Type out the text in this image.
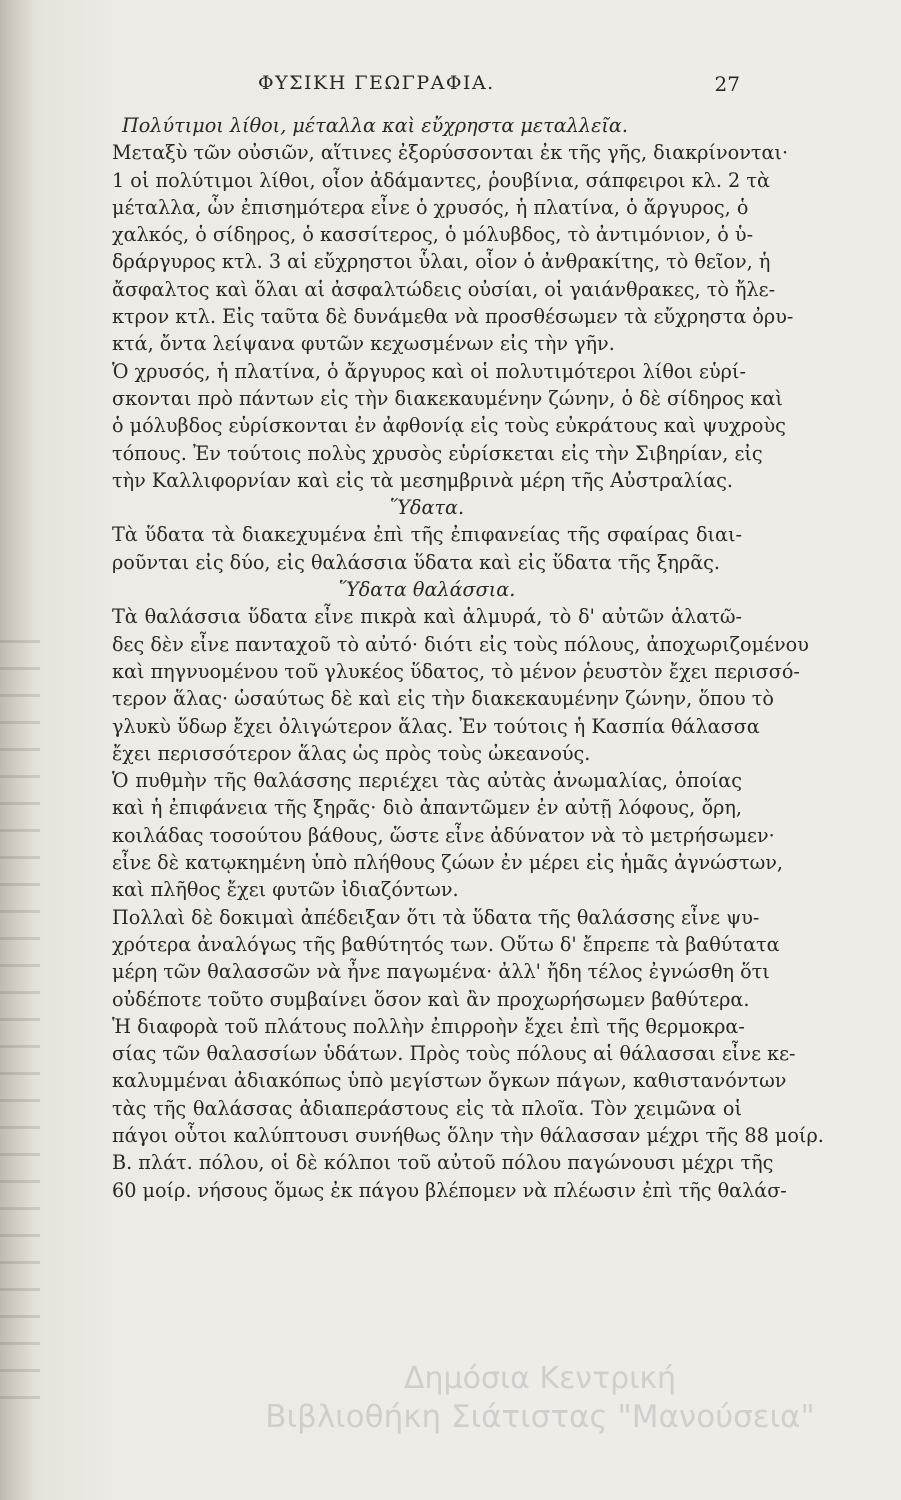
ΦΥΣΙΚΗ ΓΕΩΓΡΑΦΙΑ.	27
Πολύτιμοι λίθοι, μέταλλα καὶ εὔχρηστα μεταλλεῖα.
Μεταξὺ τῶν οὐσιῶν, αἵτινες ἐξορύσσονται ἐκ τῆς γῆς, διακρίνονται·
1 οἱ πολύτιμοι λίθοι, οἷον ἀδάμαντες, ῥουβίνια, σάπφειροι κλ. 2 τὰ
μέταλλα, ὧν ἐπισημότερα εἶνε ὁ χρυσός, ἡ πλατίνα, ὁ ἄργυρος, ὁ
χαλκός, ὁ σίδηρος, ὁ κασσίτερος, ὁ μόλυβδος, τὸ ἀντιμόνιον, ὁ ὑ-
δράργυρος κτλ. 3 αἱ εὔχρηστοι ὗλαι, οἷον ὁ ἀνθρακίτης, τὸ θεῖον, ἡ
ἄσφαλτος καὶ ὅλαι αἱ ἀσφαλτώδεις οὐσίαι, οἱ γαιάνθρακες, τὸ ἤλε-
κτρον κτλ. Εἰς ταῦτα δὲ δυνάμεθα νὰ προσθέσωμεν τὰ εὔχρηστα ὀρυ-
κτά, ὄντα λείψανα φυτῶν κεχωσμένων εἰς τὴν γῆν.
Ὁ χρυσός, ἡ πλατίνα, ὁ ἄργυρος καὶ οἱ πολυτιμότεροι λίθοι εὑρί-
σκονται πρὸ πάντων εἰς τὴν διακεκαυμένην ζώνην, ὁ δὲ σίδηρος καὶ
ὁ μόλυβδος εὑρίσκονται ἐν ἀφθονίᾳ εἰς τοὺς εὐκράτους καὶ ψυχροὺς
τόπους. Ἐν τούτοις πολὺς χρυσὸς εὑρίσκεται εἰς τὴν Σιβηρίαν, εἰς
τὴν Καλλιφορνίαν καὶ εἰς τὰ μεσημβρινὰ μέρη τῆς Αὐστραλίας.
Ὕδατα.
Τὰ ὕδατα τὰ διακεχυμένα ἐπὶ τῆς ἐπιφανείας τῆς σφαίρας διαι-
ροῦνται εἰς δύο, εἰς θαλάσσια ὕδατα καὶ εἰς ὕδατα τῆς ξηρᾶς.
Ὕδατα θαλάσσια.
Τὰ θαλάσσια ὕδατα εἶνε πικρὰ καὶ ἁλμυρά, τὸ δ' αὐτῶν ἁλατῶ-
δες δὲν εἶνε πανταχοῦ τὸ αὐτό· διότι εἰς τοὺς πόλους, ἀποχωριζομένου
καὶ πηγνυομένου τοῦ γλυκέος ὕδατος, τὸ μένον ῥευστὸν ἔχει περισσό-
τερον ἅλας· ὡσαύτως δὲ καὶ εἰς τὴν διακεκαυμένην ζώνην, ὅπου τὸ
γλυκὺ ὕδωρ ἔχει ὀλιγώτερον ἅλας. Ἐν τούτοις ἡ Κασπία θάλασσα
ἔχει περισσότερον ἅλας ὡς πρὸς τοὺς ὠκεανούς.
Ὁ πυθμὴν τῆς θαλάσσης περιέχει τὰς αὐτὰς ἀνωμαλίας, ὁποίας
καὶ ἡ ἐπιφάνεια τῆς ξηρᾶς· διὸ ἀπαντῶμεν ἐν αὐτῇ λόφους, ὄρη,
κοιλάδας τοσούτου βάθους, ὥστε εἶνε ἀδύνατον νὰ τὸ μετρήσωμεν·
εἶνε δὲ κατῳκημένη ὑπὸ πλήθους ζώων ἐν μέρει εἰς ἡμᾶς ἀγνώστων,
καὶ πλῆθος ἔχει φυτῶν ἰδιαζόντων.
Πολλαὶ δὲ δοκιμαὶ ἀπέδειξαν ὅτι τὰ ὕδατα τῆς θαλάσσης εἶνε ψυ-
χρότερα ἀναλόγως τῆς βαθύτητός των. Οὕτω δ' ἔπρεπε τὰ βαθύτατα
μέρη τῶν θαλασσῶν νὰ ἦνε παγωμένα· ἀλλ' ἤδη τέλος ἐγνώσθη ὅτι
οὐδέποτε τοῦτο συμβαίνει ὅσον καὶ ἂν προχωρήσωμεν βαθύτερα.
Ἡ διαφορὰ τοῦ πλάτους πολλὴν ἐπιρροὴν ἔχει ἐπὶ τῆς θερμοκρα-
σίας τῶν θαλασσίων ὑδάτων. Πρὸς τοὺς πόλους αἱ θάλασσαι εἶνε κε-
καλυμμέναι ἀδιακόπως ὑπὸ μεγίστων ὄγκων πάγων, καθιστανόντων
τὰς τῆς θαλάσσας ἀδιαπεράστους εἰς τὰ πλοῖα. Τὸν χειμῶνα οἱ
πάγοι οὗτοι καλύπτουσι συνήθως ὅλην τὴν θάλασσαν μέχρι τῆς 88 μοίρ.
Β. πλάτ. πόλου, οἱ δὲ κόλποι τοῦ αὐτοῦ πόλου παγώνουσι μέχρι τῆς
60 μοίρ. νήσους ὅμως ἐκ πάγου βλέπομεν νὰ πλέωσιν ἐπὶ τῆς θαλάσ-
Δημόσια Κεντρική
Βιβλιοθήκη Σιάτιστας "Μανούσεια"
